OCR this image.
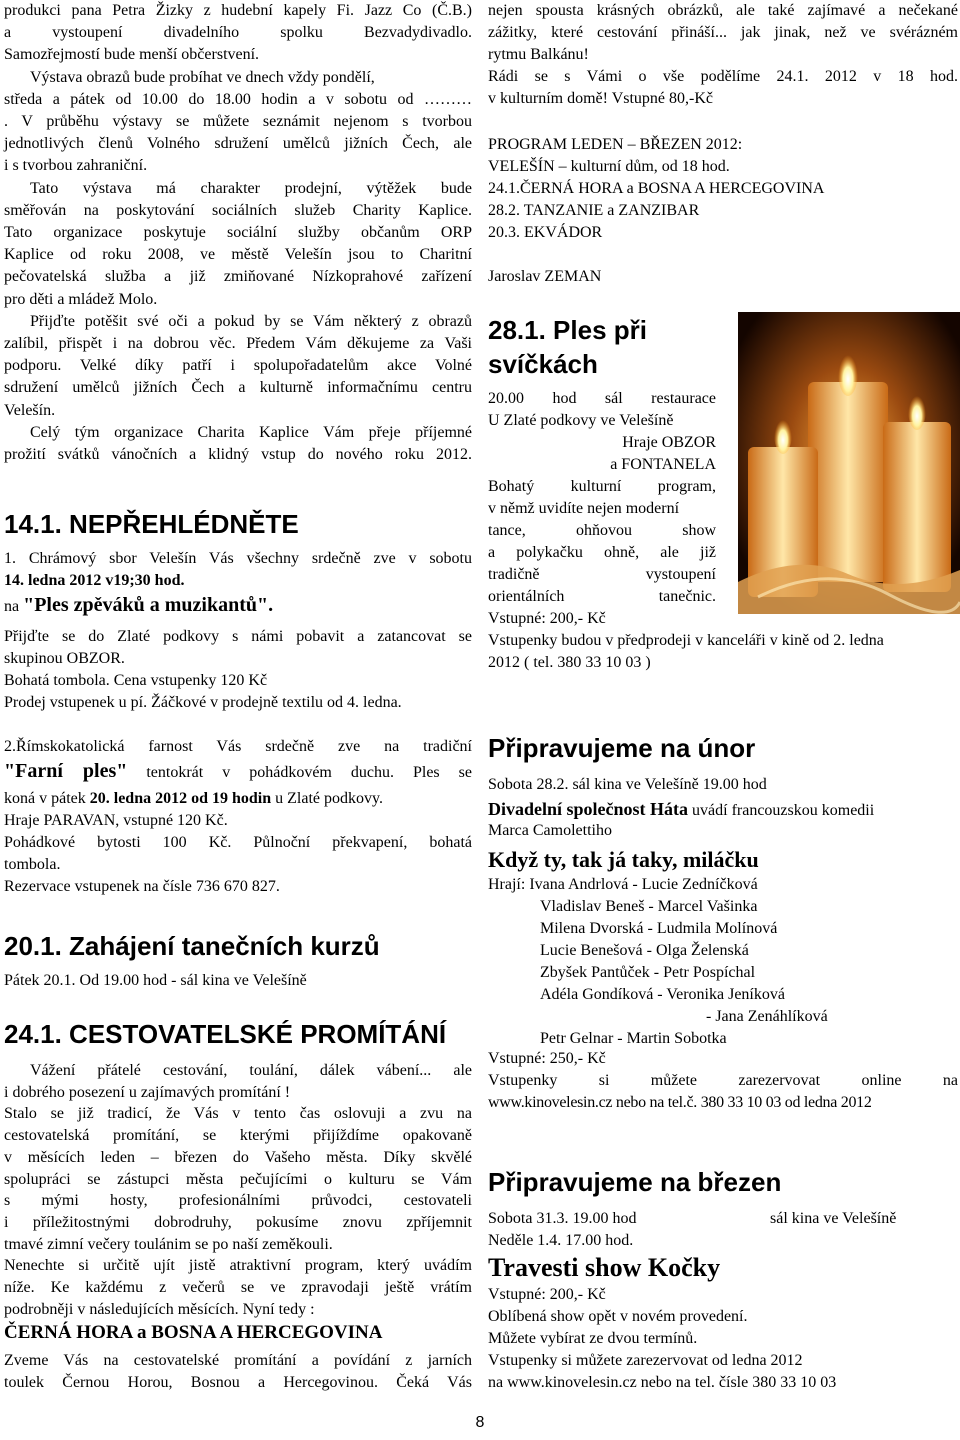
produkci pana Petra Žizky z hudební kapely Fi. Jazz Co (Č.B.)
a vystoupení divadelního spolku Bezvadydivadlo.
Samozřejmostí bude menší občerstvení.
Výstava obrazů bude probíhat ve dnech vždy pondělí,
středa a pátek od 10.00 do 18.00 hodin a v sobotu od ………
. V průběhu výstavy se můžete seznámit nejenom s tvorbou
jednotlivých členů Volného sdružení umělců jižních Čech, ale
i s tvorbou zahraniční.
Tato výstava má charakter prodejní, výtěžek bude
směřován na poskytování sociálních služeb Charity Kaplice.
Tato organizace poskytuje sociální služby občanům ORP
Kaplice od roku 2008, ve městě Velešín jsou to Charitní
pečovatelská služba a již zmiňované Nízkoprahové zařízení
pro děti a mládež Molo.
Přijďte potěšit své oči a pokud by se Vám některý z obrazů
zalíbil, přispět i na dobrou věc. Předem Vám děkujeme za Vaši
podporu. Velké díky patří i spolupořadatelům akce Volné
sdružení umělců jižních Čech a kulturně informačnímu centru
Velešín.
Celý tým organizace Charita Kaplice Vám přeje příjemné
prožití svátků vánočních a klidný vstup do nového roku 2012.
14.1. NEPŘEHLÉDNĚTE
1. Chrámový sbor Velešín Vás všechny srdečně zve v sobotu
14. ledna 2012 v19;30 hod.
na "Ples zpěváků a muzikantů".
Přijďte se do Zlaté podkovy s námi pobavit a zatancovat se
skupinou OBZOR.
Bohatá tombola. Cena vstupenky 120 Kč
Prodej vstupenek u pí. Žáčkové v prodejně textilu od 4. ledna.
2.Římskokatolická farnost Vás srdečně zve na tradiční
"Farní ples" tentokrát v pohádkovém duchu. Ples se
koná v pátek 20. ledna 2012 od 19 hodin u Zlaté podkovy.
Hraje PARAVAN, vstupné 120 Kč.
Pohádkové bytosti 100 Kč. Půlnoční překvapení, bohatá
tombola.
Rezervace vstupenek na čísle 736 670 827.
20.1. Zahájení tanečních kurzů
Pátek 20.1. Od 19.00 hod - sál kina ve Velešíně
24.1. CESTOVATELSKÉ PROMÍTÁNÍ
Vážení přátelé cestování, toulání, dálek vábení... ale
i dobrého posezení u zajímavých promítání !
Stalo se již tradicí, že Vás v tento čas oslovuji a zvu na
cestovatelská promítání, se kterými přijíždíme opakovaně
v měsících leden – březen do Vašeho města. Díky skvělé
spolupráci se zástupci města pečujícími o kulturu se Vám
s mými hosty, profesionálními průvodci, cestovateli
i příležitostnými dobrodruhy, pokusíme znovu zpříjemnit
tmavé zimní večery toulánim se po naší zeměkouli.
Nenechte si určitě ujít jistě atraktivní program, který uvádím
níže. Ke každému z večerů se ve zpravodaji ještě vrátím
podrobněji v následujících měsících. Nyní tedy :
ČERNÁ HORA a BOSNA A HERCEGOVINA
Zveme Vás na cestovatelské promítání a povídání z jarních
toulek Černou Horou, Bosnou a Hercegovinou. Čeká Vás
nejen spousta krásných obrázků, ale také zajímavé a nečekané
zážitky, které cestování přináší... jak jinak, než ve svérázném
rytmu Balkánu!
Rádi se s Vámi o vše podělíme 24.1. 2012 v 18 hod.
v kulturním domě! Vstupné 80,-Kč
PROGRAM LEDEN – BŘEZEN 2012:
VELEŠÍN – kulturní dům, od 18 hod.
24.1.ČERNÁ HORA a BOSNA A HERCEGOVINA
28.2. TANZANIE a ZANZIBAR
20.3. EKVÁDOR
Jaroslav ZEMAN
28.1. Ples při
svíčkách
20.00 hod sál restaurace
U Zlaté podkovy ve Velešíně
Hraje OBZOR
a FONTANELA
Bohatý kulturní program,
v němž uvidíte nejen moderní
tance, ohňovou show
a polykačku ohně, ale již
tradičně vystoupení
orientálních tanečnic.
Vstupné: 200,- Kč
Vstupenky budou v předprodeji v kanceláři v kině od 2. ledna
2012 ( tel. 380 33 10 03 )
Připravujeme na únor
Sobota 28.2. sál kina ve Velešíně 19.00 hod
Divadelní společnost Háta uvádí francouzskou komedii
Marca Camolettiho
Když ty, tak já taky, miláčku
Hrají: Ivana Andrlová - Lucie Zedníčková
Vladislav Beneš - Marcel Vašinka
Milena Dvorská - Ludmila Molínová
Lucie Benešová - Olga Želenská
Zbyšek Pantůček - Petr Pospíchal
Adéla Gondíková - Veronika Jeníková
- Jana Zenáhlíková
Petr Gelnar - Martin Sobotka
Vstupné: 250,- Kč
Vstupenky si můžete zarezervovat online na
www.kinovelesin.cz nebo na tel.č. 380 33 10 03 od ledna 2012
Připravujeme na březen
Sobota 31.3. 19.00 hod	sál kina ve Velešíně
Neděle 1.4. 17.00 hod.
Travesti show Kočky
Vstupné: 200,- Kč
Oblíbená show opět v novém provedení.
Můžete vybírat ze dvou termínů.
Vstupenky si můžete zarezervovat od ledna 2012
na www.kinovelesin.cz nebo na tel. čísle 380 33 10 03
8
